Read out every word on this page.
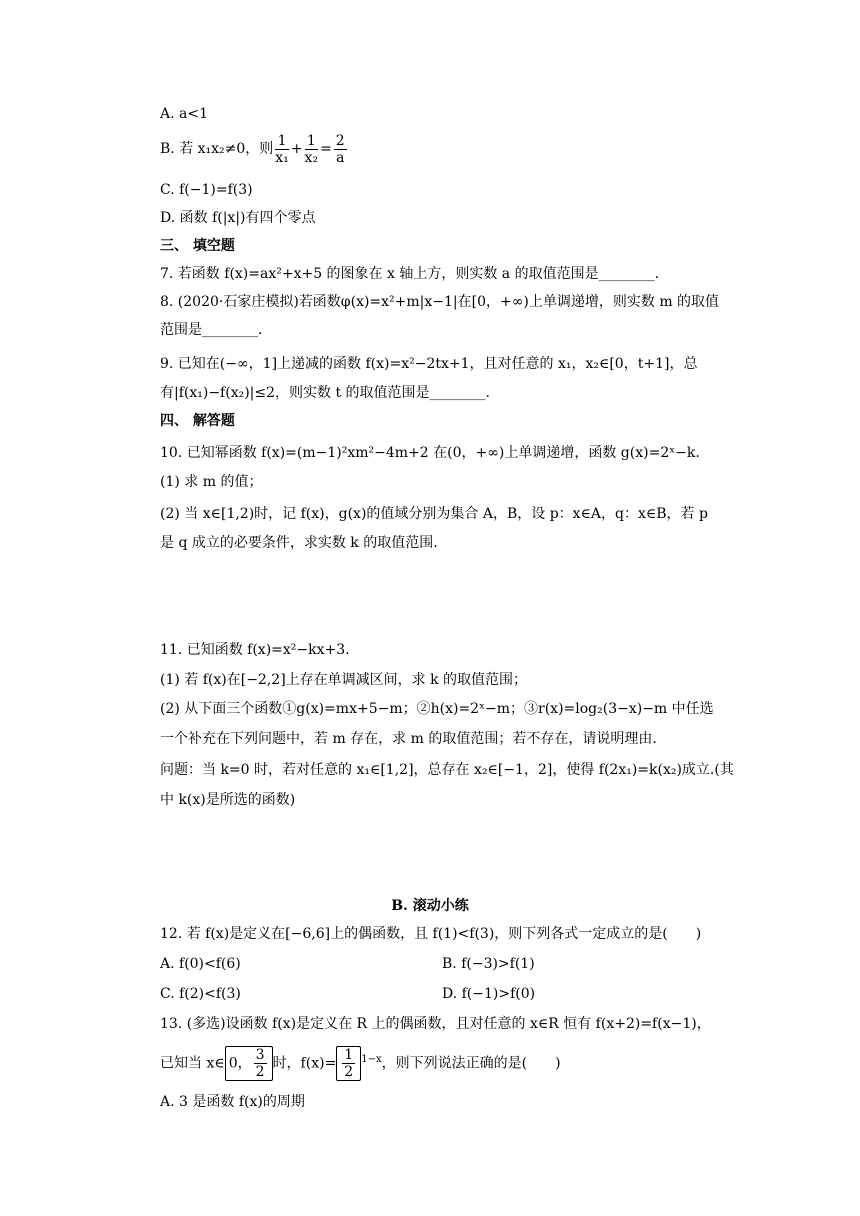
A. a<1
B. 若 x₁x₂≠0，则 $\frac{1}{\text{x₁}} + \frac{1}{\text{x₂}} = \frac{2}{a}$
C. f(−1)=f(3)
D. 函数 f(|x|)有四个零点
三、 填空题
7. 若函数 f(x)=ax²+x+5 的图象在 x 轴上方，则实数 a 的取值范围是________.
8. (2020·石家庄模拟)若函数φ(x)=x²+m|x−1|在[0，+∞)上单调递增，则实数 m 的取值
范围是________.
9. 已知在(−∞，1]上递减的函数 f(x)=x²−2tx+1，且对任意的 x₁，x₂∈[0，t+1]，总
有|f(x₁)−f(x₂)|≤2，则实数 t 的取值范围是________.
四、 解答题
10. 已知幂函数 f(x)=(m−1)²xm²−4m+2 在(0，+∞)上单调递增，函数 g(x)=2ˣ−k.
(1) 求 m 的值；
(2) 当 x∈[1,2)时，记 f(x)，g(x)的值域分别为集合 A，B，设 p：x∈A，q：x∈B，若 p
是 q 成立的必要条件，求实数 k 的取值范围.
11. 已知函数 f(x)=x²−kx+3.
(1) 若 f(x)在[−2,2]上存在单调减区间，求 k 的取值范围；
(2) 从下面三个函数①g(x)=mx+5−m；②h(x)=2ˣ−m；③r(x)=log₂(3−x)−m 中任选
一个补充在下列问题中，若 m 存在，求 m 的取值范围；若不存在，请说明理由.
问题：当 k=0 时，若对任意的 x₁∈[1,2]，总存在 x₂∈[−1，2]，使得 f(2x₁)=k(x₂)成立.(其
中 k(x)是所选的函数)
B. 滚动小练
12. 若 f(x)是定义在[−6,6]上的偶函数，且 f(1)<f(3)，则下列各式一定成立的是(　　)
A. f(0)<f(6)	B. f(−3)>f(1)
C. f(2)<f(3)	D. f(−1)>f(0)
13. (多选)设函数 f(x)是定义在 R 上的偶函数，且对任意的 x∈R 恒有 f(x+2)=f(x−1)，
已知当 x∈ 0， $\frac{3}{2}$ 时，$f(x)= \frac{1}{2} ^{1-x}$，则下列说法正确的是(　　)
A. 3 是函数 f(x)的周期
